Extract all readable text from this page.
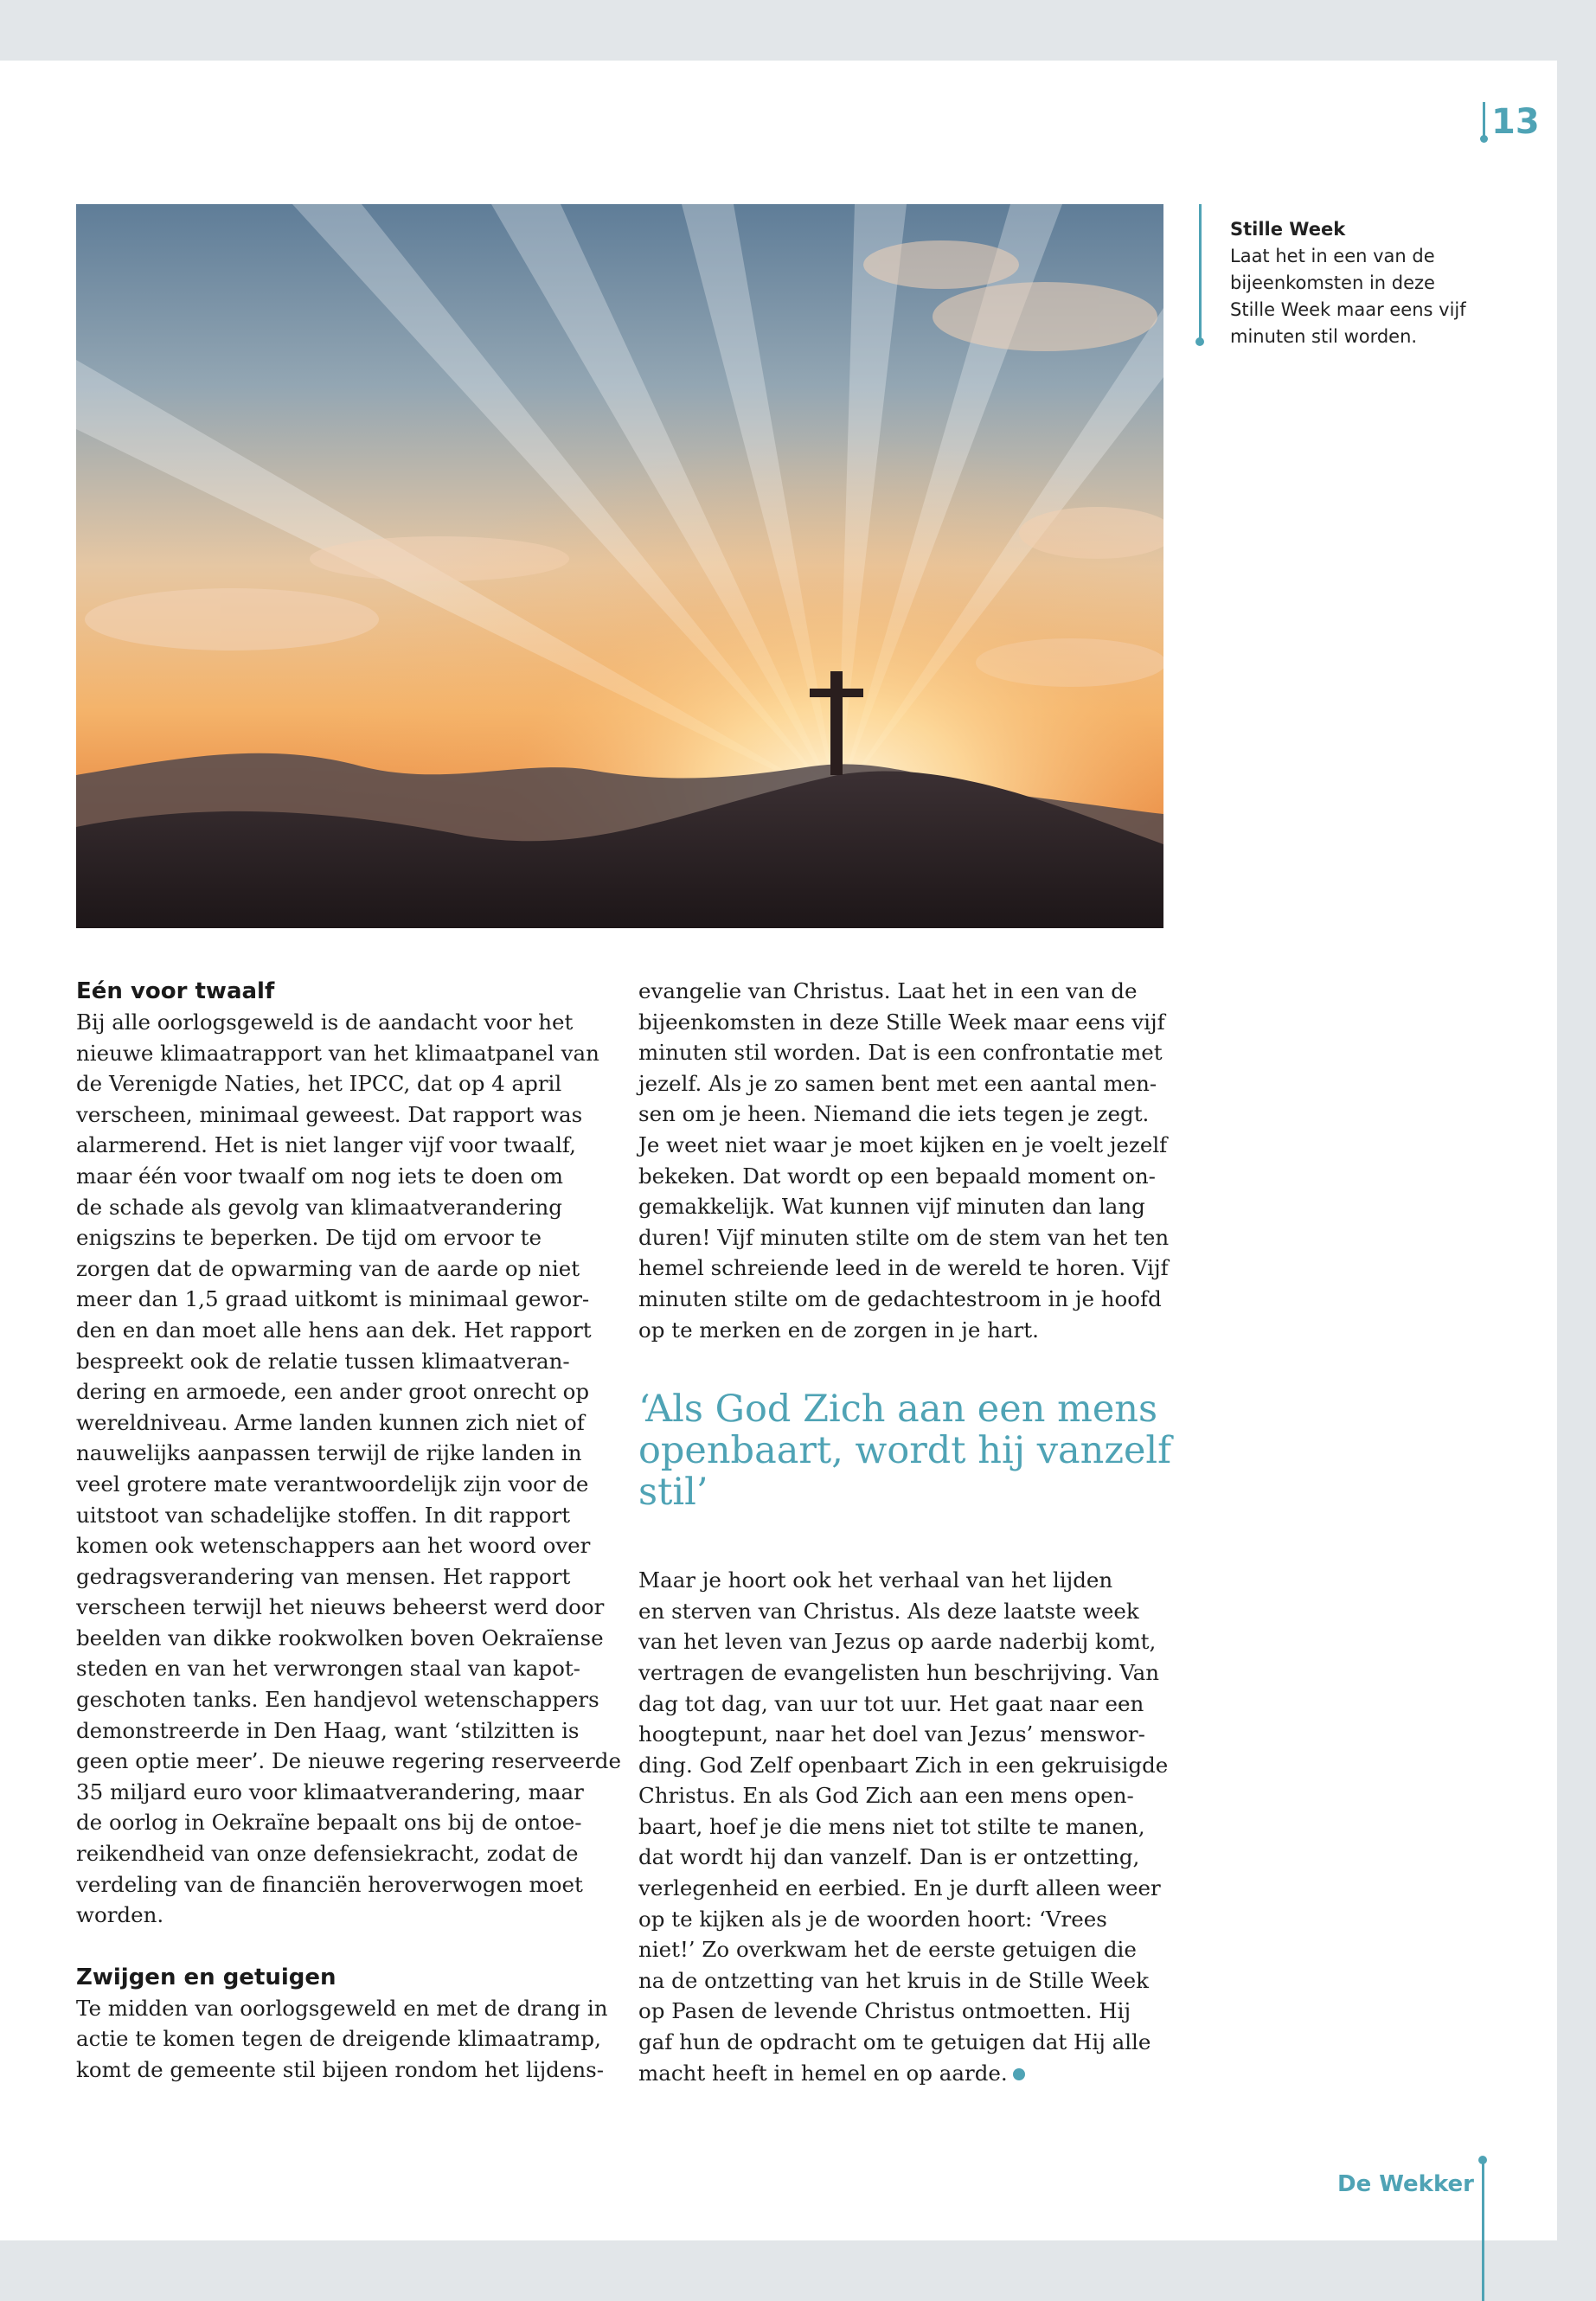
13
Stille Week
Laat het in een van de
bijeenkomsten in deze
Stille Week maar eens vijf
minuten stil worden.
Eén voor twaalf

Bij alle oorlogsgeweld is de aandacht voor het

nieuwe klimaatrapport van het klimaatpanel van

de Verenigde Naties, het IPCC, dat op 4 april

verscheen, minimaal geweest. Dat rapport was

alarmerend. Het is niet langer vijf voor twaalf,

maar één voor twaalf om nog iets te doen om

de schade als gevolg van klimaatverandering

enigszins te beperken. De tijd om ervoor te

zorgen dat de opwarming van de aarde op niet

meer dan 1,5 graad uitkomt is minimaal gewor-

den en dan moet alle hens aan dek. Het rapport

bespreekt ook de relatie tussen klimaatveran-

dering en armoede, een ander groot onrecht op

wereldniveau. Arme landen kunnen zich niet of

nauwelijks aanpassen terwijl de rijke landen in

veel grotere mate verantwoordelijk zijn voor de

uitstoot van schadelijke stoffen. In dit rapport

komen ook wetenschappers aan het woord over

gedragsverandering van mensen. Het rapport

verscheen terwijl het nieuws beheerst werd door

beelden van dikke rookwolken boven Oekraïense

steden en van het verwrongen staal van kapot-

geschoten tanks. Een handjevol wetenschappers

demonstreerde in Den Haag, want ‘stilzitten is

geen optie meer’. De nieuwe regering reserveerde

35 miljard euro voor klimaatverandering, maar

de oorlog in Oekraïne bepaalt ons bij de ontoe-

reikendheid van onze defensiekracht, zodat de

verdeling van de financiën heroverwogen moet

worden.

Zwijgen en getuigen

Te midden van oorlogsgeweld en met de drang in

actie te komen tegen de dreigende klimaatramp,

komt de gemeente stil bijeen rondom het lijdens-

evangelie van Christus. Laat het in een van de

bijeenkomsten in deze Stille Week maar eens vijf

minuten stil worden. Dat is een confrontatie met

jezelf. Als je zo samen bent met een aantal men-

sen om je heen. Niemand die iets tegen je zegt.

Je weet niet waar je moet kijken en je voelt jezelf

bekeken. Dat wordt op een bepaald moment on-

gemakkelijk. Wat kunnen vijf minuten dan lang

duren! Vijf minuten stilte om de stem van het ten

hemel schreiende leed in de wereld te horen. Vijf

minuten stilte om de gedachtestroom in je hoofd

op te merken en de zorgen in je hart.

‘Als God Zich aan een mens

openbaart, wordt hij vanzelf

stil’

Maar je hoort ook het verhaal van het lijden

en sterven van Christus. Als deze laatste week

van het leven van Jezus op aarde naderbij komt,

vertragen de evangelisten hun beschrijving. Van

dag tot dag, van uur tot uur. Het gaat naar een

hoogtepunt, naar het doel van Jezus’ menswor-

ding. God Zelf openbaart Zich in een gekruisigde

Christus. En als God Zich aan een mens open-

baart, hoef je die mens niet tot stilte te manen,

dat wordt hij dan vanzelf. Dan is er ontzetting,

verlegenheid en eerbied. En je durft alleen weer

op te kijken als je de woorden hoort: ‘Vrees

niet!’ Zo overkwam het de eerste getuigen die

na de ontzetting van het kruis in de Stille Week

op Pasen de levende Christus ontmoetten. Hij

gaf hun de opdracht om te getuigen dat Hij alle

macht heeft in hemel en op aarde.

De Wekker
